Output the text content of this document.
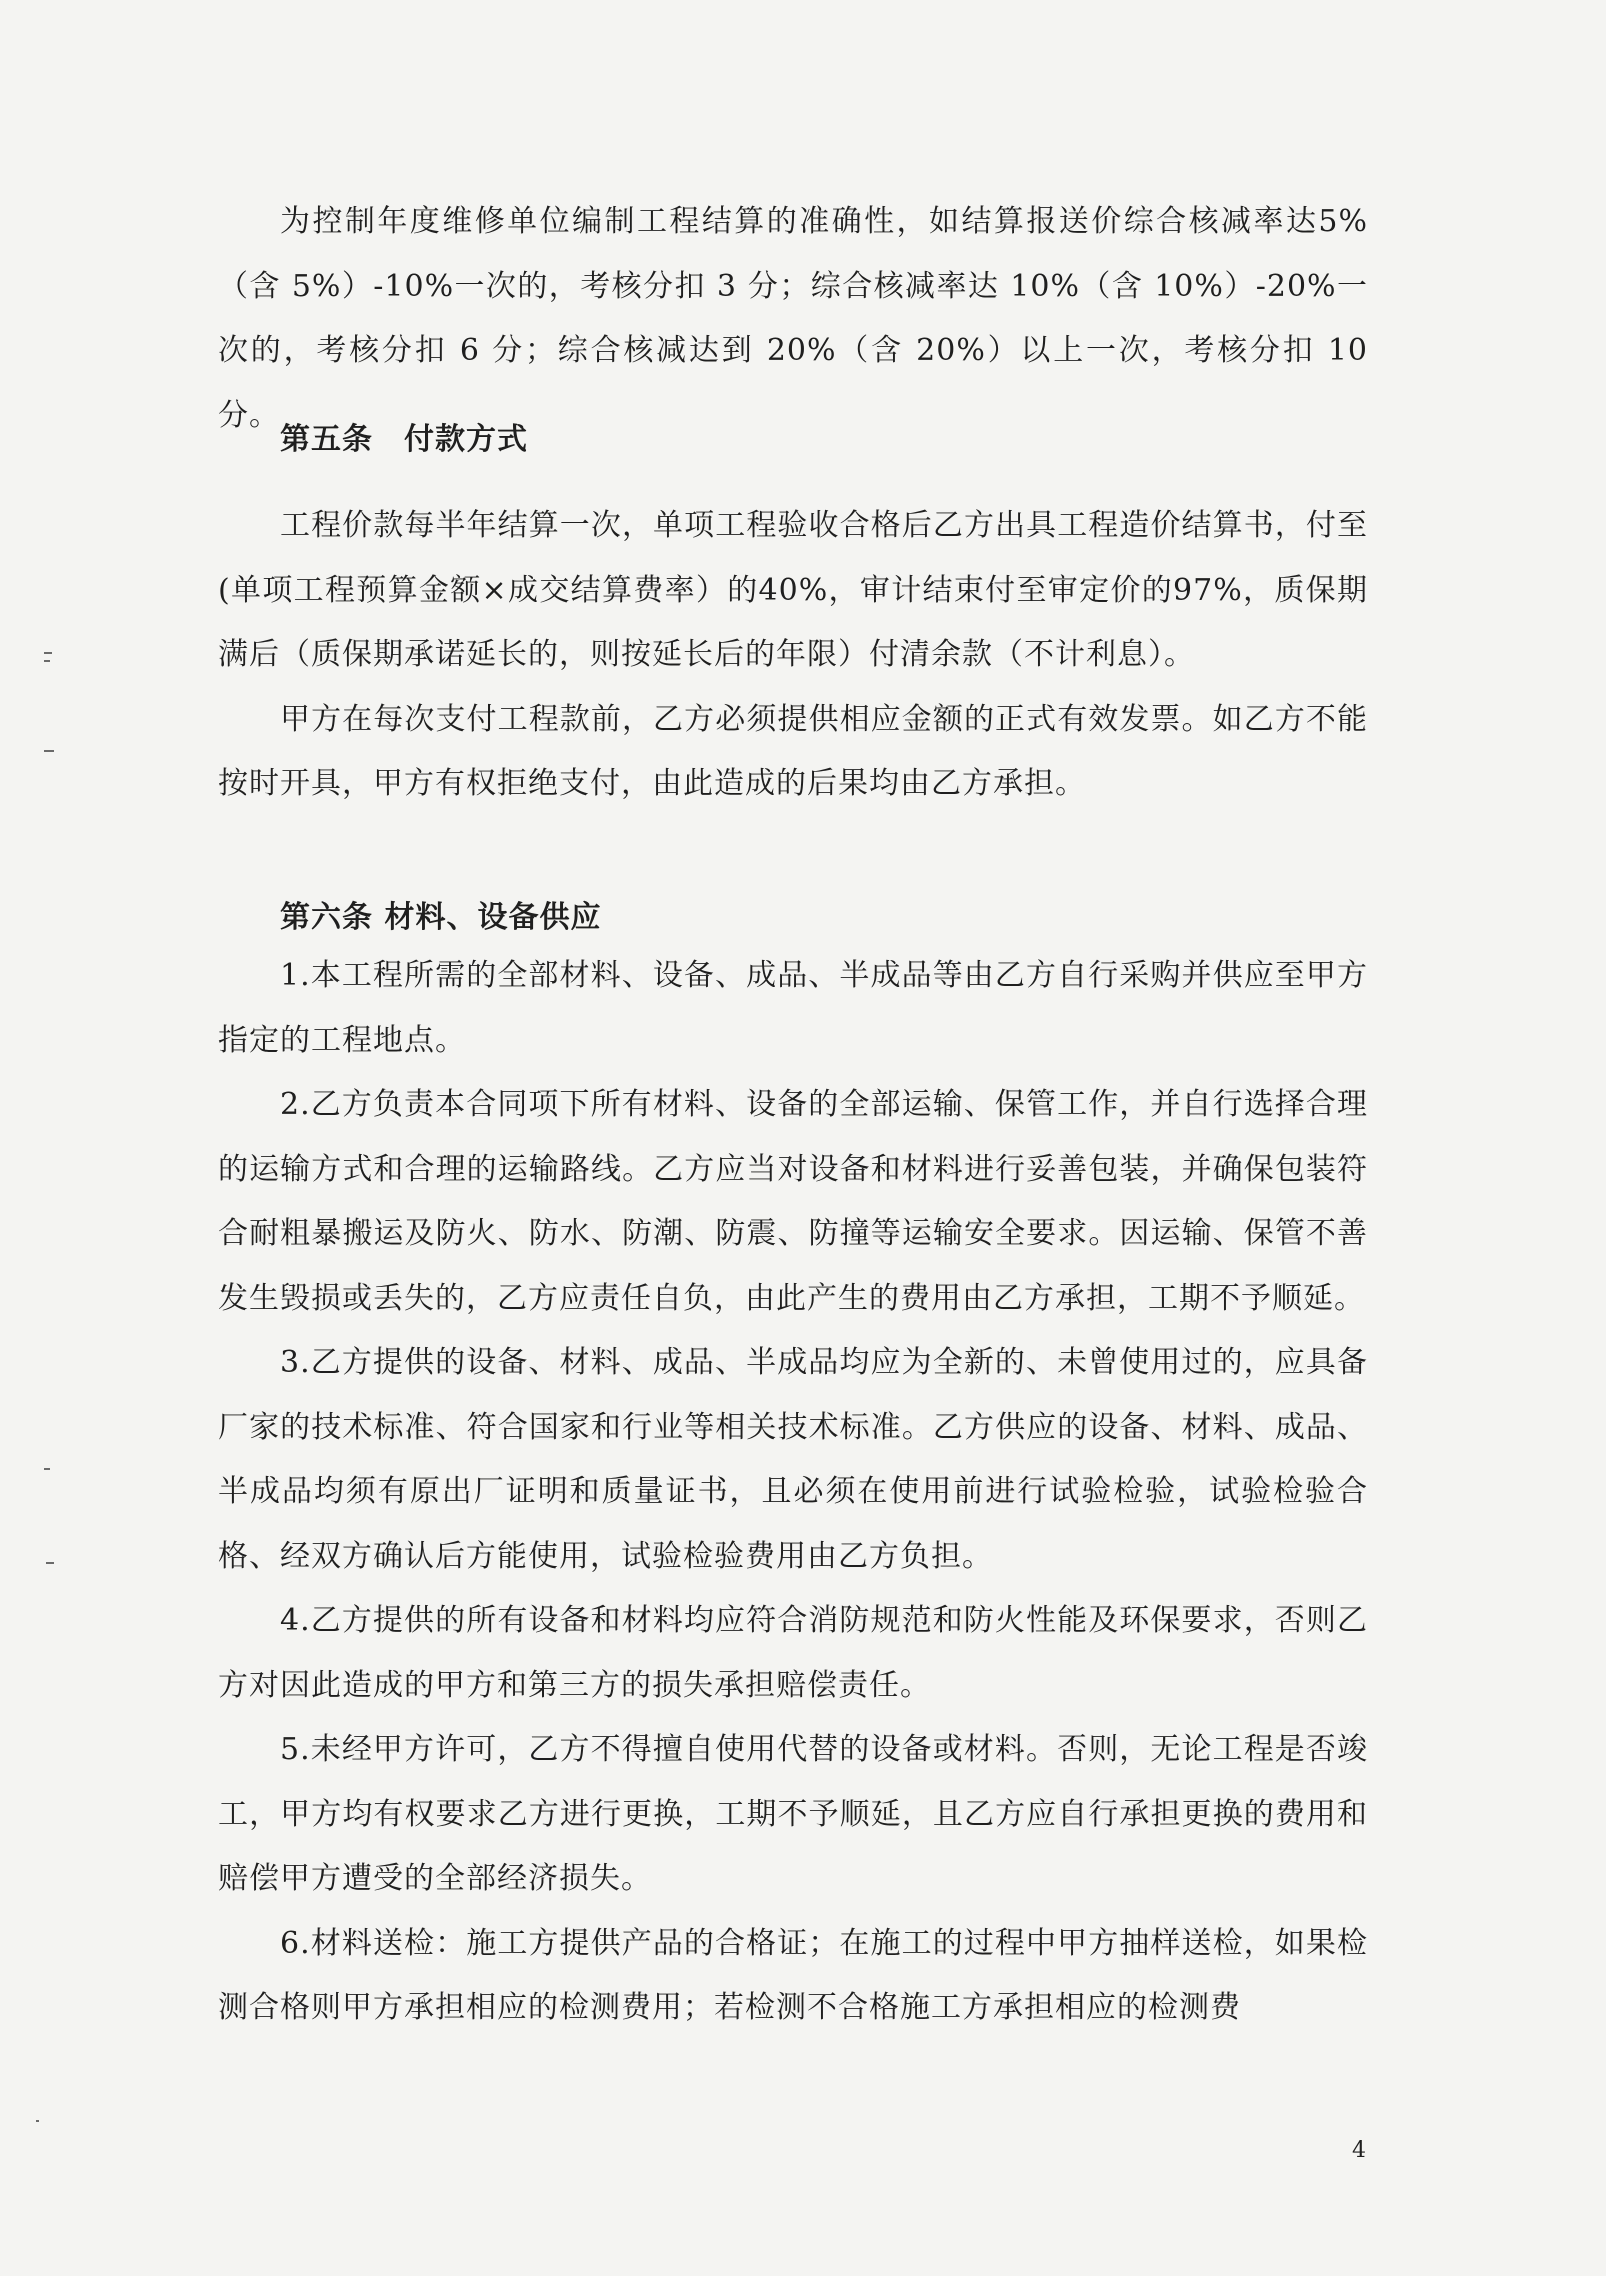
为控制年度维修单位编制工程结算的准确性，如结算报送价综合核减率达5%（含 5%）-10%一次的，考核分扣 3 分；综合核减率达 10%（含 10%）-20%一次的，考核分扣 6 分；综合核减达到 20%（含 20%）以上一次，考核分扣 10 分。

第五条　付款方式

工程价款每半年结算一次，单项工程验收合格后乙方出具工程造价结算书，付至(单项工程预算金额×成交结算费率）的40%，审计结束付至审定价的97%，质保期满后（质保期承诺延长的，则按延长后的年限）付清余款（不计利息）。

甲方在每次支付工程款前，乙方必须提供相应金额的正式有效发票。如乙方不能按时开具，甲方有权拒绝支付，由此造成的后果均由乙方承担。

第六条 材料、设备供应

1.本工程所需的全部材料、设备、成品、半成品等由乙方自行采购并供应至甲方指定的工程地点。

2.乙方负责本合同项下所有材料、设备的全部运输、保管工作，并自行选择合理的运输方式和合理的运输路线。乙方应当对设备和材料进行妥善包装，并确保包装符合耐粗暴搬运及防火、防水、防潮、防震、防撞等运输安全要求。因运输、保管不善发生毁损或丢失的，乙方应责任自负，由此产生的费用由乙方承担，工期不予顺延。

3.乙方提供的设备、材料、成品、半成品均应为全新的、未曾使用过的，应具备厂家的技术标准、符合国家和行业等相关技术标准。乙方供应的设备、材料、成品、半成品均须有原出厂证明和质量证书，且必须在使用前进行试验检验，试验检验合格、经双方确认后方能使用，试验检验费用由乙方负担。

4.乙方提供的所有设备和材料均应符合消防规范和防火性能及环保要求，否则乙方对因此造成的甲方和第三方的损失承担赔偿责任。

5.未经甲方许可，乙方不得擅自使用代替的设备或材料。否则，无论工程是否竣工，甲方均有权要求乙方进行更换，工期不予顺延，且乙方应自行承担更换的费用和赔偿甲方遭受的全部经济损失。

6.材料送检：施工方提供产品的合格证；在施工的过程中甲方抽样送检，如果检测合格则甲方承担相应的检测费用；若检测不合格施工方承担相应的检测费

4
